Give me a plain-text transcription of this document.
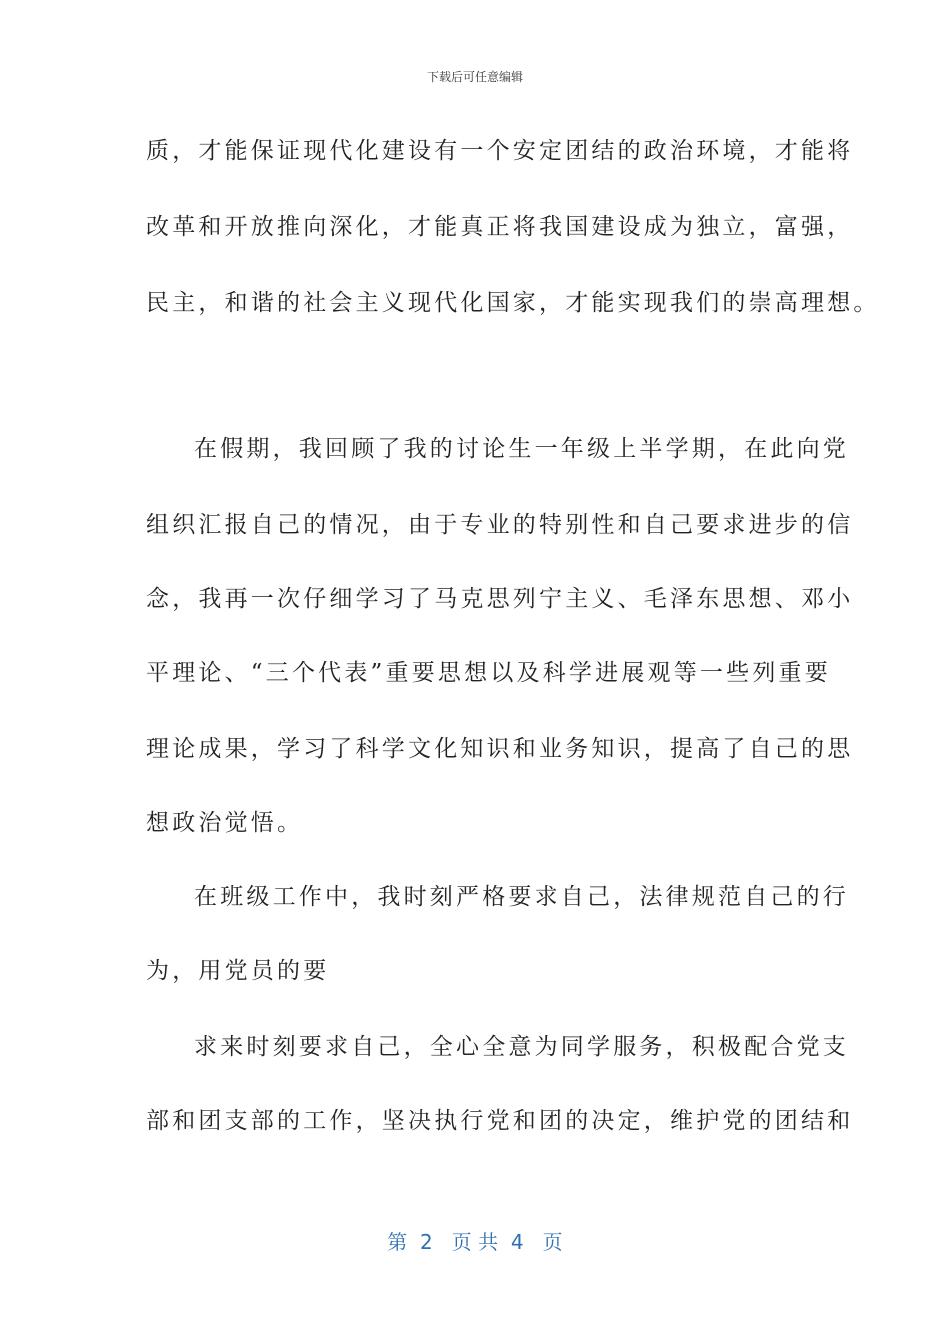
下载后可任意编辑
质，才能保证现代化建设有一个安定团结的政治环境，才能将
改革和开放推向深化，才能真正将我国建设成为独立，富强，
民主，和谐的社会主义现代化国家，才能实现我们的崇高理想。
在假期，我回顾了我的讨论生一年级上半学期，在此向党
组织汇报自己的情况，由于专业的特别性和自己要求进步的信
念，我再一次仔细学习了马克思列宁主义、毛泽东思想、邓小
平理论、“三个代表”重要思想以及科学进展观等一些列重要
理论成果，学习了科学文化知识和业务知识，提高了自己的思
想政治觉悟。
在班级工作中，我时刻严格要求自己，法律规范自己的行
为，用党员的要
求来时刻要求自己，全心全意为同学服务，积极配合党支
部和团支部的工作，坚决执行党和团的决定，维护党的团结和
第  2   页 共  4   页
